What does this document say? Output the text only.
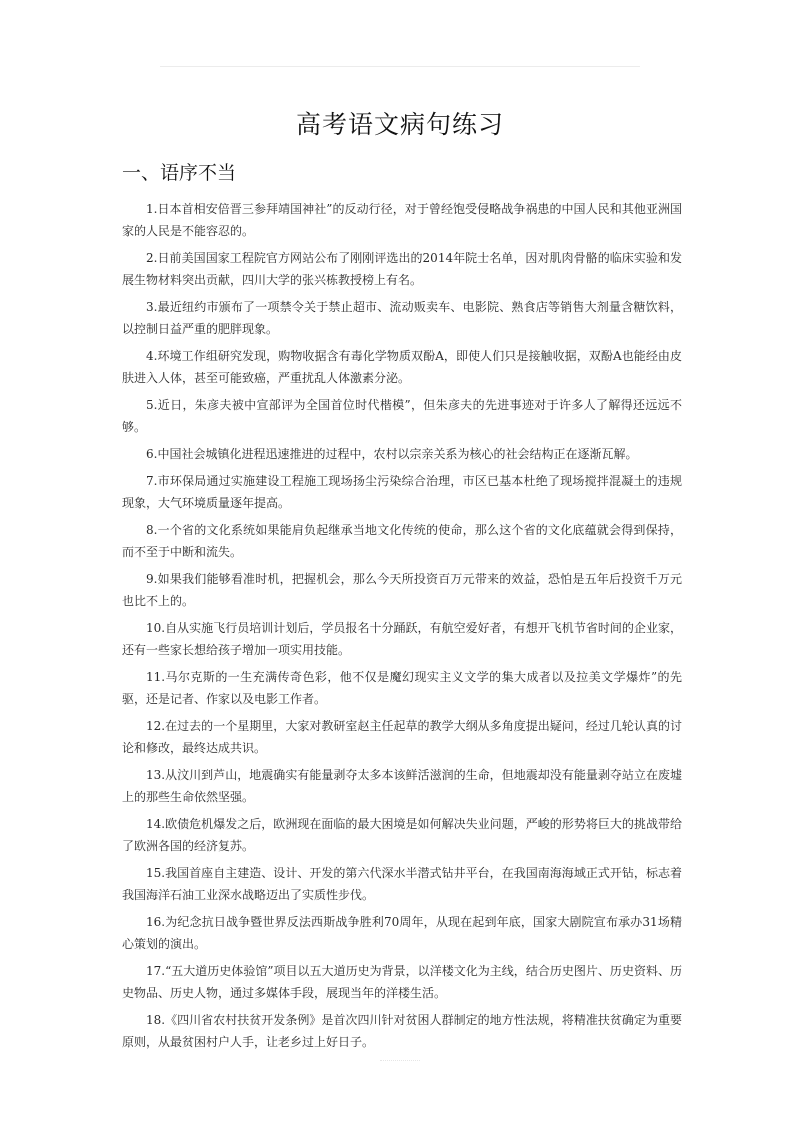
高考语文病句练习
一、语序不当
1.日本首相安倍晋三参拜靖国神社”的反动行径，对于曾经饱受侵略战争祸患的中国人民和其他亚洲国家的人民是不能容忍的。
2.日前美国国家工程院官方网站公布了刚刚评选出的2014年院士名单，因对肌肉骨骼的临床实验和发展生物材料突出贡献，四川大学的张兴栋教授榜上有名。
3.最近纽约市颁布了一项禁令关于禁止超市、流动贩卖车、电影院、熟食店等销售大剂量含糖饮料，以控制日益严重的肥胖现象。
4.环境工作组研究发现，购物收据含有毒化学物质双酚A，即使人们只是接触收据，双酚A也能经由皮肤进入人体，甚至可能致癌，严重扰乱人体激素分泌。
5.近日，朱彦夫被中宣部评为全国首位时代楷模”，但朱彦夫的先进事迹对于许多人了解得还远远不够。
6.中国社会城镇化进程迅速推进的过程中，农村以宗亲关系为核心的社会结构正在逐渐瓦解。
7.市环保局通过实施建设工程施工现场扬尘污染综合治理，市区已基本杜绝了现场搅拌混凝土的违规现象，大气环境质量逐年提高。
8.一个省的文化系统如果能肩负起继承当地文化传统的使命，那么这个省的文化底蕴就会得到保持，而不至于中断和流失。
9.如果我们能够看准时机，把握机会，那么今天所投资百万元带来的效益，恐怕是五年后投资千万元也比不上的。
10.自从实施飞行员培训计划后，学员报名十分踊跃，有航空爱好者，有想开飞机节省时间的企业家，还有一些家长想给孩子增加一项实用技能。
11.马尔克斯的一生充满传奇色彩，他不仅是魔幻现实主义文学的集大成者以及拉美文学爆炸”的先驱，还是记者、作家以及电影工作者。
12.在过去的一个星期里，大家对教研室赵主任起草的教学大纲从多角度提出疑问，经过几轮认真的讨论和修改，最终达成共识。
13.从汶川到芦山，地震确实有能量剥夺太多本该鲜活滋润的生命，但地震却没有能量剥夺站立在废墟上的那些生命依然坚强。
14.欧债危机爆发之后，欧洲现在面临的最大困境是如何解决失业问题，严峻的形势将巨大的挑战带给了欧洲各国的经济复苏。
15.我国首座自主建造、设计、开发的第六代深水半潜式钻井平台，在我国南海海域正式开钻，标志着我国海洋石油工业深水战略迈出了实质性步伐。
16.为纪念抗日战争暨世界反法西斯战争胜利70周年，从现在起到年底，国家大剧院宣布承办31场精心策划的演出。
17.“五大道历史体验馆”项目以五大道历史为背景，以洋楼文化为主线，结合历史图片、历史资料、历史物品、历史人物，通过多媒体手段，展现当年的洋楼生活。
18.《四川省农村扶贫开发条例》是首次四川针对贫困人群制定的地方性法规，将精准扶贫确定为重要原则，从最贫困村户人手，让老乡过上好日子。
